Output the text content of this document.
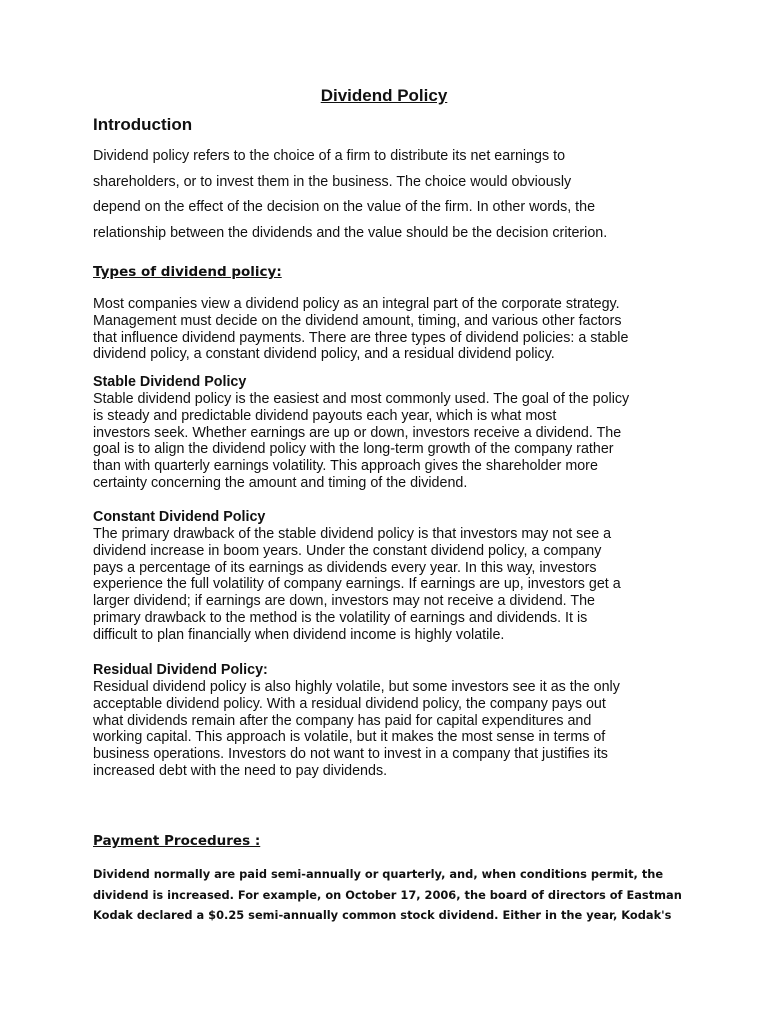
Dividend Policy
Introduction

Dividend policy refers to the choice of a firm to distribute its net earnings to
shareholders, or to invest them in the business. The choice would obviously
depend on the effect of the decision on the value of the firm. In other words, the
relationship between the dividends and the value should be the decision criterion.

Types of dividend policy:

Most companies view a dividend policy as an integral part of the corporate strategy.
Management must decide on the dividend amount, timing, and various other factors
that influence dividend payments. There are three types of dividend policies: a stable
dividend policy, a constant dividend policy, and a residual dividend policy.

Stable Dividend Policy

Stable dividend policy is the easiest and most commonly used. The goal of the policy
is steady and predictable dividend payouts each year, which is what most
investors seek. Whether earnings are up or down, investors receive a dividend. The
goal is to align the dividend policy with the long-term growth of the company rather
than with quarterly earnings volatility. This approach gives the shareholder more
certainty concerning the amount and timing of the dividend.

Constant Dividend Policy

The primary drawback of the stable dividend policy is that investors may not see a
dividend increase in boom years. Under the constant dividend policy, a company
pays a percentage of its earnings as dividends every year. In this way, investors
experience the full volatility of company earnings. If earnings are up, investors get a
larger dividend; if earnings are down, investors may not receive a dividend. The
primary drawback to the method is the volatility of earnings and dividends. It is
difficult to plan financially when dividend income is highly volatile.

Residual Dividend Policy:

Residual dividend policy is also highly volatile, but some investors see it as the only
acceptable dividend policy. With a residual dividend policy, the company pays out
what dividends remain after the company has paid for capital expenditures and
working capital. This approach is volatile, but it makes the most sense in terms of
business operations. Investors do not want to invest in a company that justifies its
increased debt with the need to pay dividends.

Payment Procedures :

Dividend normally are paid semi-annually or quarterly, and, when conditions permit, the
dividend is increased. For example, on October 17, 2006, the board of directors of Eastman
Kodak declared a $0.25 semi-annually common stock dividend. Either in the year, Kodak's
